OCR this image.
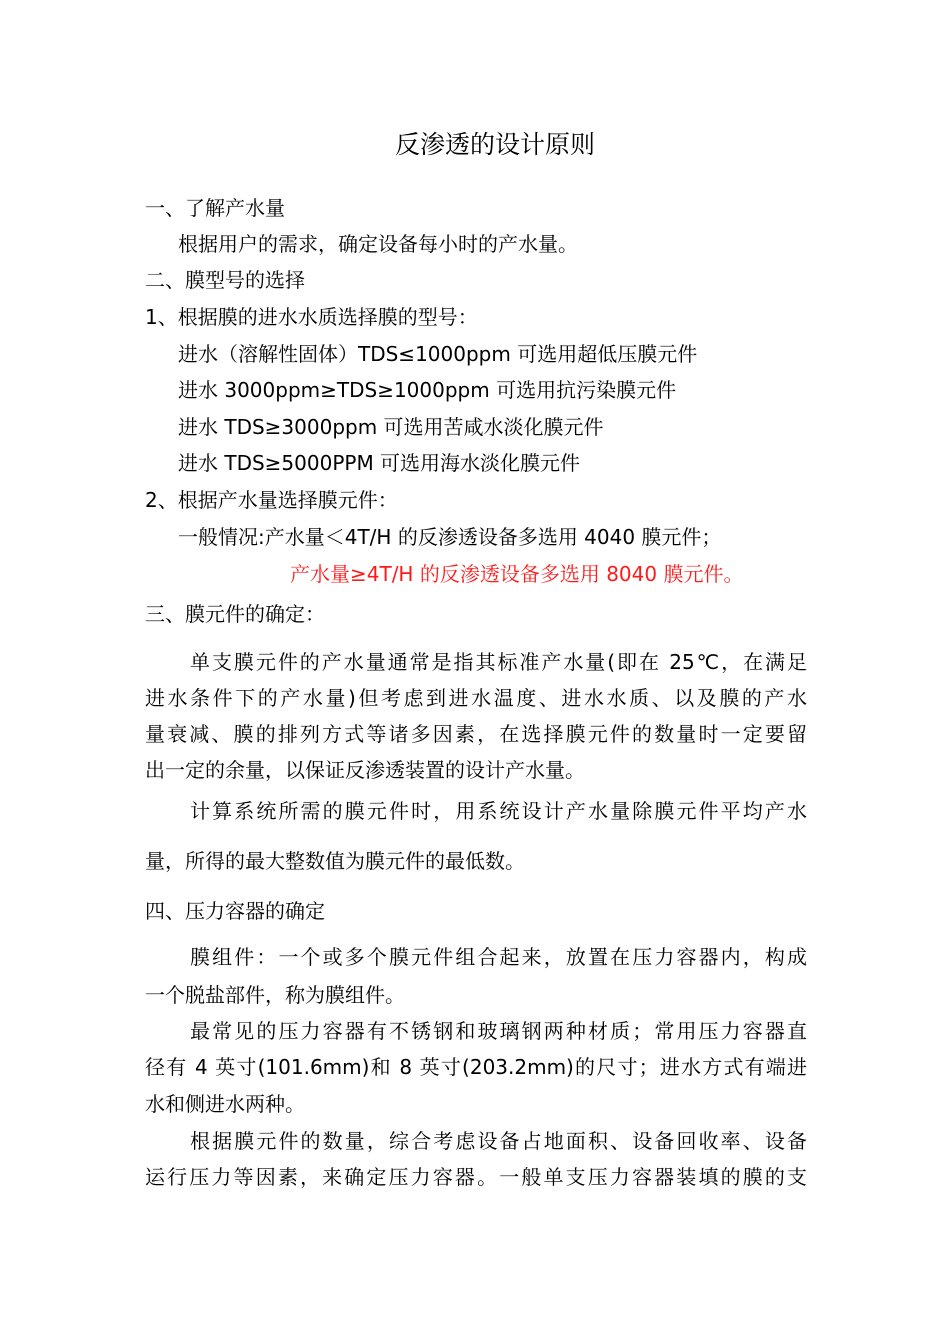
反渗透的设计原则
一、了解产水量
根据用户的需求，确定设备每小时的产水量。
二、膜型号的选择
1、根据膜的进水水质选择膜的型号：
进水（溶解性固体）TDS≤1000ppm 可选用超低压膜元件
进水 3000ppm≥TDS≥1000ppm 可选用抗污染膜元件
进水 TDS≥3000ppm 可选用苦咸水淡化膜元件
进水 TDS≥5000PPM 可选用海水淡化膜元件
2、根据产水量选择膜元件：
一般情况:产水量＜4T/H 的反渗透设备多选用 4040 膜元件；
产水量≥4T/H 的反渗透设备多选用 8040 膜元件。
三、膜元件的确定：
单支膜元件的产水量通常是指其标准产水量(即在 25℃，在满足
进水条件下的产水量)但考虑到进水温度、进水水质、以及膜的产水
量衰减、膜的排列方式等诸多因素，在选择膜元件的数量时一定要留
出一定的余量，以保证反渗透装置的设计产水量。
计算系统所需的膜元件时，用系统设计产水量除膜元件平均产水
量，所得的最大整数值为膜元件的最低数。
四、压力容器的确定
膜组件：一个或多个膜元件组合起来，放置在压力容器内，构成
一个脱盐部件，称为膜组件。
最常见的压力容器有不锈钢和玻璃钢两种材质；常用压力容器直
径有 4 英寸(101.6mm)和 8 英寸(203.2mm)的尺寸；进水方式有端进
水和侧进水两种。
根据膜元件的数量，综合考虑设备占地面积、设备回收率、设备
运行压力等因素，来确定压力容器。一般单支压力容器装填的膜的支
